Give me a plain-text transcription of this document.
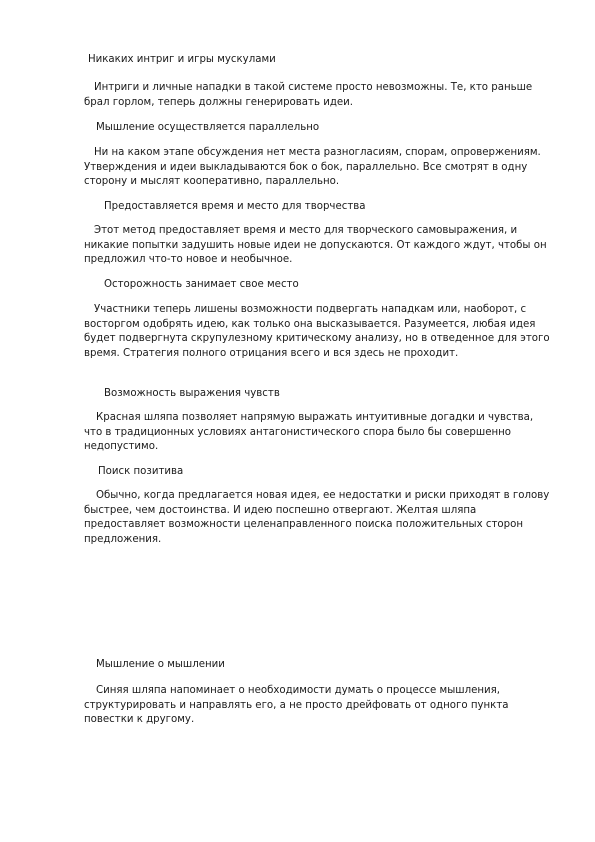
Никаких интриг и игры мускулами

Интриги и личные нападки в такой системе просто невозможны. Те, кто раньше брал горлом, теперь должны генерировать идеи.

Мышление осуществляется параллельно

Ни на каком этапе обсуждения нет места разногласиям, спорам, опровержениям. Утверждения и идеи выкладываются бок о бок, параллельно. Все смотрят в одну сторону и мыслят кооперативно, параллельно.

Предоставляется время и место для творчества

Этот метод предоставляет время и место для творческого самовыражения, и никакие попытки задушить новые идеи не допускаются. От каждого ждут, чтобы он предложил что-то новое и необычное.

Осторожность занимает свое место

Участники теперь лишены возможности подвергать нападкам или, наоборот, с восторгом одобрять идею, как только она высказывается. Разумеется, любая идея будет подвергнута скрупулезному критическому анализу, но в отведенное для этого время. Стратегия полного отрицания всего и вся здесь не проходит.

Возможность выражения чувств

Красная шляпа позволяет напрямую выражать интуитивные догадки и чувства, что в традиционных условиях антагонистического спора было бы совершенно недопустимо.

Поиск позитива

Обычно, когда предлагается новая идея, ее недостатки и риски приходят в голову быстрее, чем достоинства. И идею поспешно отвергают. Желтая шляпа предоставляет возможности целенаправленного поиска положительных сторон предложения.

Мышление о мышлении

Синяя шляпа напоминает о необходимости думать о процессе мышления, структурировать и направлять его, а не просто дрейфовать от одного пункта повестки к другому.
